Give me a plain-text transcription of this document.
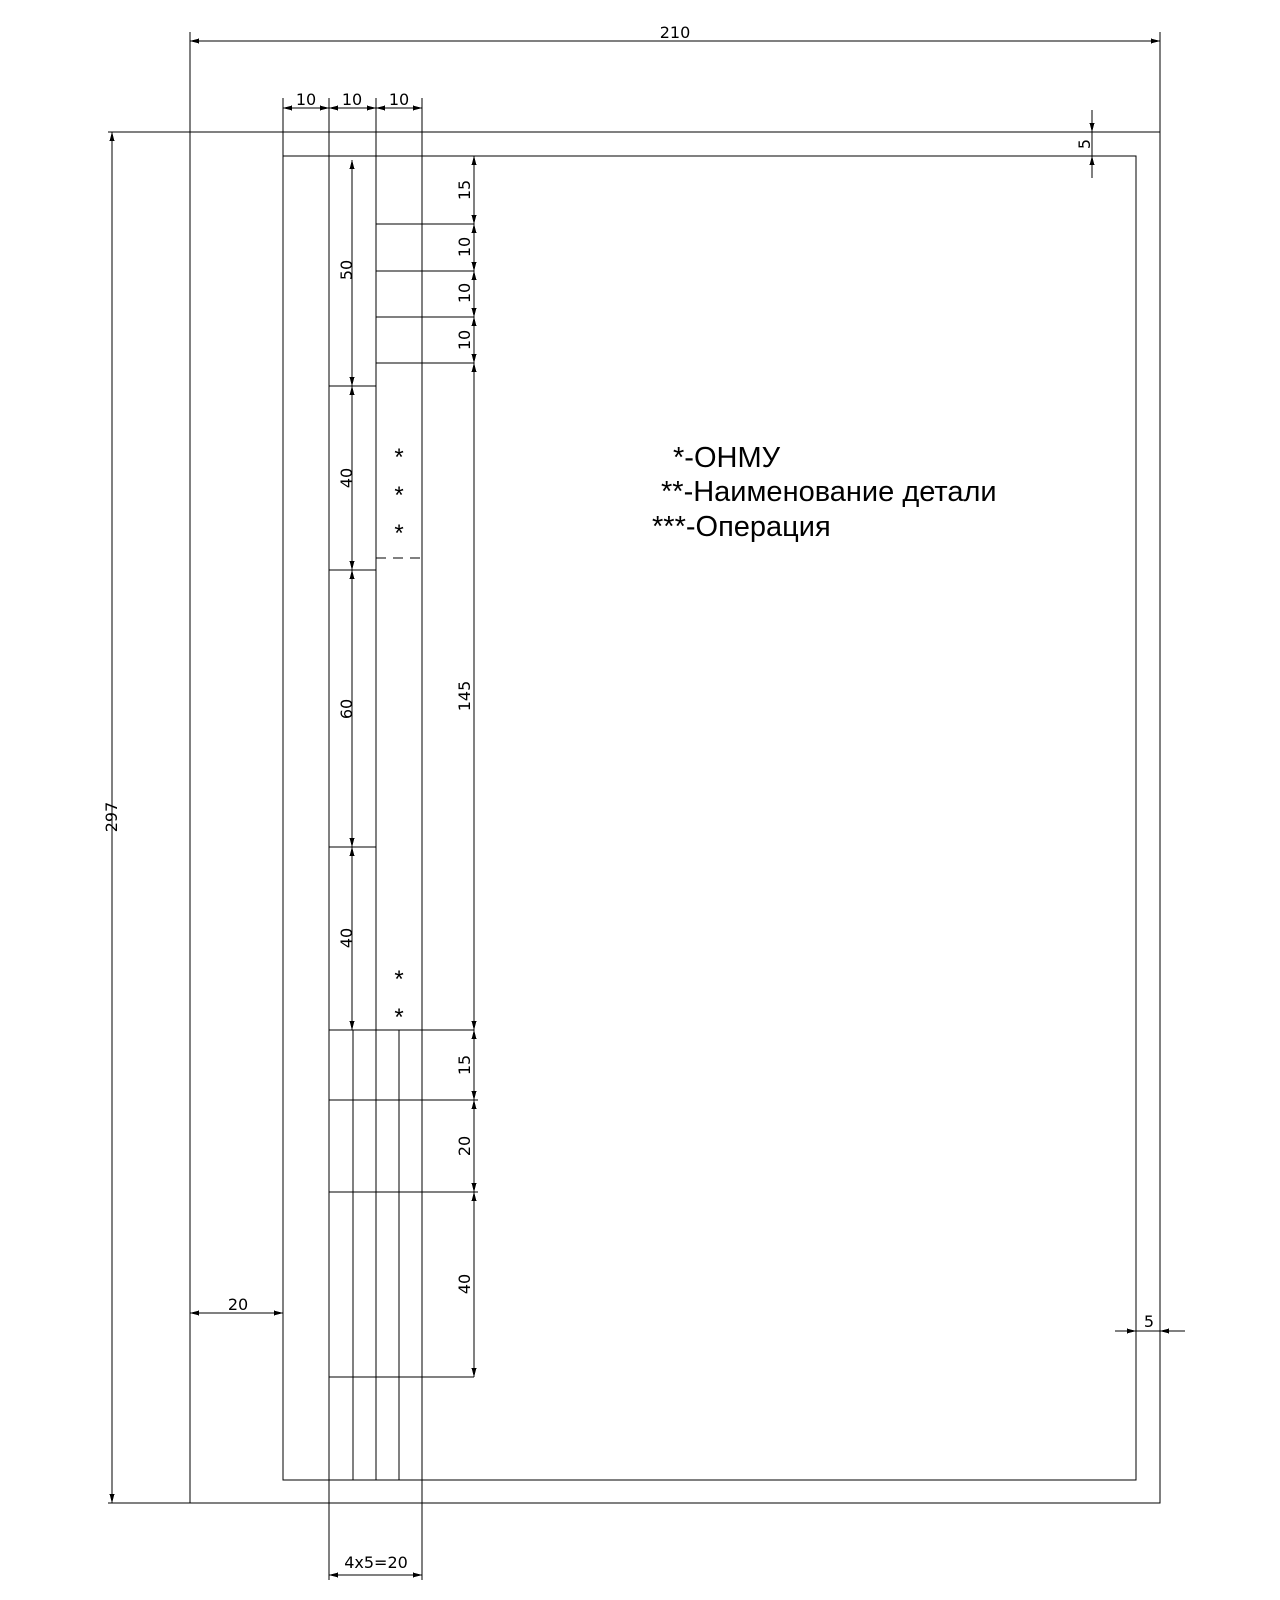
210
297
10 10 10
20
5
5
4x5=20
50
40
60
40
15
10
10
10
145
15
20
40
*
*
*
*
*
*-ОНМУ
**-Наименование детали
***-Операция
